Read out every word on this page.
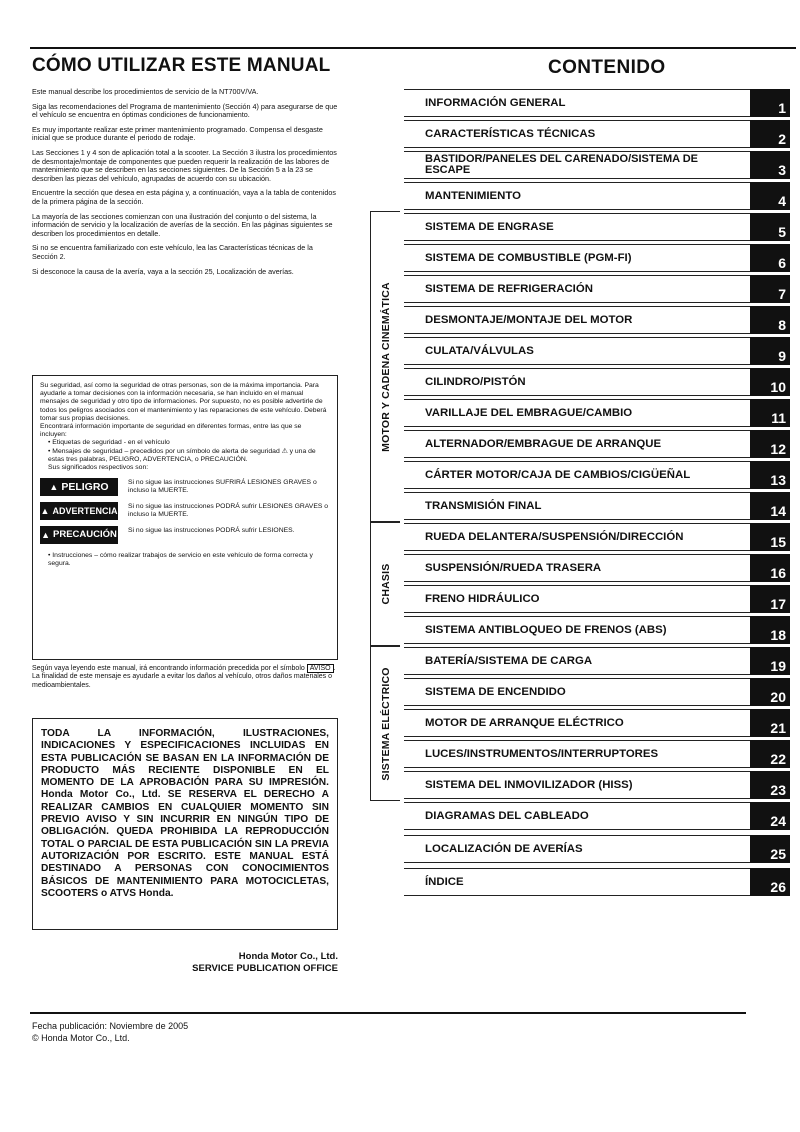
CÓMO UTILIZAR ESTE MANUAL	CONTENIDO

Este manual describe los procedimientos de servicio de la NT700V/VA.

Siga las recomendaciones del Programa de mantenimiento (Sección 4) para asegurarse de que el vehículo se encuentra en óptimas condiciones de funcionamiento.

Es muy importante realizar este primer mantenimiento programado. Compensa el desgaste inicial que se produce durante el periodo de rodaje.

Las Secciones 1 y 4 son de aplicación total a la scooter. La Sección 3 ilustra los procedimientos de desmontaje/montaje de componentes que pueden requerir la realización de las labores de mantenimiento que se describen en las secciones siguientes. De la Sección 5 a la 23 se describen las piezas del vehículo, agrupadas de acuerdo con su ubicación.

Encuentre la sección que desea en esta página y, a continuación, vaya a la tabla de contenidos de la primera página de la sección.

La mayoría de las secciones comienzan con una ilustración del conjunto o del sistema, la información de servicio y la localización de averías de la sección. En las páginas siguientes se describen los procedimientos en detalle.

Si no se encuentra familiarizado con este vehículo, lea las Características técnicas de la Sección 2.

Si desconoce la causa de la avería, vaya a la sección 25, Localización de averías.

Su seguridad, así como la seguridad de otras personas, son de la máxima importancia. Para ayudarle a tomar decisiones con la información necesaria, se han incluido en el manual mensajes de seguridad y otro tipo de informaciones. Por supuesto, no es posible advertirle de todos los peligros asociados con el mantenimiento y las reparaciones de este vehículo. Deberá tomar sus propias decisiones.

Encontrará información importante de seguridad en diferentes formas, entre las que se incluyen:

• Etiquetas de seguridad - en el vehículo
• Mensajes de seguridad – precedidos por un símbolo de alerta de seguridad ⚠ y una de estas tres palabras, PELIGRO, ADVERTENCIA, o PRECAUCIÓN.

Sus significados respectivos son:

▲ PELIGRO	Si no sigue las instrucciones SUFRIRÁ LESIONES GRAVES o incluso la MUERTE.
▲ ADVERTENCIA Si no sigue las instrucciones PODRÁ sufrir LESIONES GRAVES o incluso la MUERTE.
▲ PRECAUCIÓN Si no sigue las instrucciones PODRÁ sufrir LESIONES.
• Instrucciones – cómo realizar trabajos de servicio en este vehículo de forma correcta y segura.
Según vaya leyendo este manual, irá encontrando información precedida por el símbolo AVISO . La finalidad de este mensaje es ayudarle a evitar los daños al vehículo, otros daños materiales o medioambientales.
TODA LA INFORMACIÓN, ILUSTRACIONES, INDICACIONES Y ESPECIFICACIONES INCLUIDAS EN ESTA PUBLICACIÓN SE BASAN EN LA INFORMACIÓN DE PRODUCTO MÁS RECIENTE DISPONIBLE EN EL MOMENTO DE LA APROBACIÓN PARA SU IMPRESIÓN. Honda Motor Co., Ltd. SE RESERVA EL DERECHO A REALIZAR CAMBIOS EN CUALQUIER MOMENTO SIN PREVIO AVISO Y SIN INCURRIR EN NINGÚN TIPO DE OBLIGACIÓN. QUEDA PROHIBIDA LA REPRODUCCIÓN TOTAL O PARCIAL DE ESTA PUBLICACIÓN SIN LA PREVIA AUTORIZACIÓN POR ESCRITO. ESTE MANUAL ESTÁ DESTINADO A PERSONAS CON CONOCIMIENTOS BÁSICOS DE MANTENIMIENTO PARA MOTOCICLETAS, SCOOTERS o ATVS Honda.
Honda Motor Co., Ltd.
SERVICE PUBLICATION OFFICE
Fecha publicación: Noviembre de 2005
© Honda Motor Co., Ltd.
MOTOR Y CADENA CINEMÁTICA
CHASIS
SISTEMA ELÉCTRICO
INFORMACIÓN GENERAL	1
CARACTERÍSTICAS TÉCNICAS	2
BASTIDOR/PANELES DEL CARENADO/SISTEMA DE ESCAPE	3
MANTENIMIENTO	4
SISTEMA DE ENGRASE	5
SISTEMA DE COMBUSTIBLE (PGM-FI)	6
SISTEMA DE REFRIGERACIÓN	7
DESMONTAJE/MONTAJE DEL MOTOR	8
CULATA/VÁLVULAS	9
CILINDRO/PISTÓN	10
VARILLAJE DEL EMBRAGUE/CAMBIO	11
ALTERNADOR/EMBRAGUE DE ARRANQUE	12
CÁRTER MOTOR/CAJA DE CAMBIOS/CIGÜEÑAL	13
TRANSMISIÓN FINAL	14
RUEDA DELANTERA/SUSPENSIÓN/DIRECCIÓN	15
SUSPENSIÓN/RUEDA TRASERA	16
FRENO HIDRÁULICO	17
SISTEMA ANTIBLOQUEO DE FRENOS (ABS)	18
BATERÍA/SISTEMA DE CARGA	19
SISTEMA DE ENCENDIDO	20
MOTOR DE ARRANQUE ELÉCTRICO	21
LUCES/INSTRUMENTOS/INTERRUPTORES	22
SISTEMA DEL INMOVILIZADOR (HISS)	23
DIAGRAMAS DEL CABLEADO	24
LOCALIZACIÓN DE AVERÍAS	25
ÍNDICE	26
